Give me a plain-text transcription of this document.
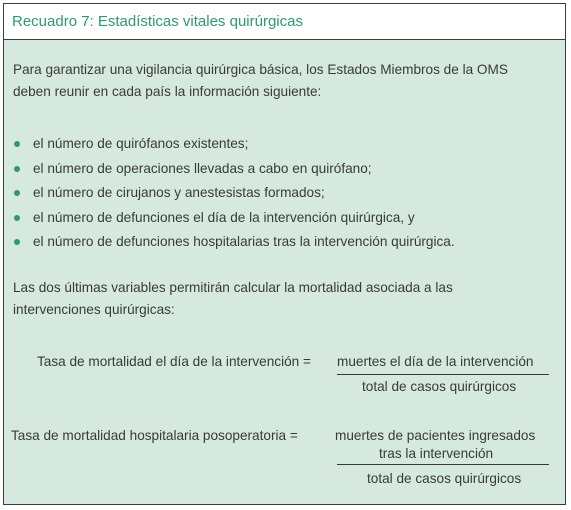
Recuadro 7: Estadísticas vitales quirúrgicas
Para garantizar una vigilancia quirúrgica básica, los Estados Miembros de la OMS
deben reunir en cada país la información siguiente:
el número de quirófanos existentes;
el número de operaciones llevadas a cabo en quirófano;
el número de cirujanos y anestesistas formados;
el número de defunciones el día de la intervención quirúrgica, y
el número de defunciones hospitalarias tras la intervención quirúrgica.
Las dos últimas variables permitirán calcular la mortalidad asociada a las
intervenciones quirúrgicas:
Tasa de mortalidad el día de la intervención = muertes el día de la intervención
total de casos quirúrgicos
Tasa de mortalidad hospitalaria posoperatoria =	muertes de pacientes ingresados
tras la intervención
total de casos quirúrgicos
